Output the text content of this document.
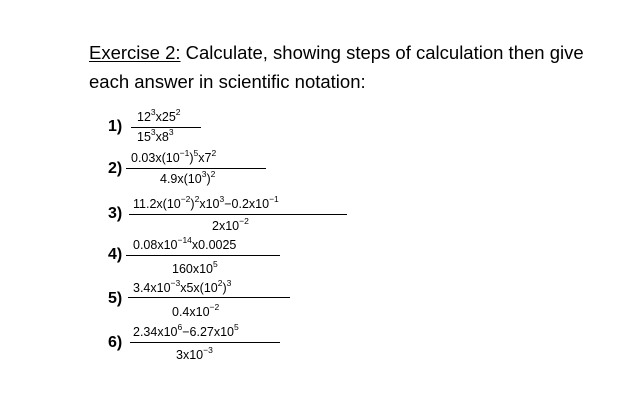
Exercise 2: Calculate, showing steps of calculation then give
each answer in scientific notation:
1)
$12^3x25^2$
$15^3x8^3$
2)
$0.03x(10^{-1})^5x7^2$
$4.9x(10^3)^2$
3)
$11.2x(10^{-2})^2x10^3-0.2x10^{-1}$
$2x10^{-2}$
4)
$0.08x10^{-14}x0.0025$
$160x10^5$
5)
$3.4x10^{-3}x5x(10^2)^3$
$0.4x10^{-2}$
6)
$2.34x10^6-6.27x10^5$
$3x10^{-3}$
